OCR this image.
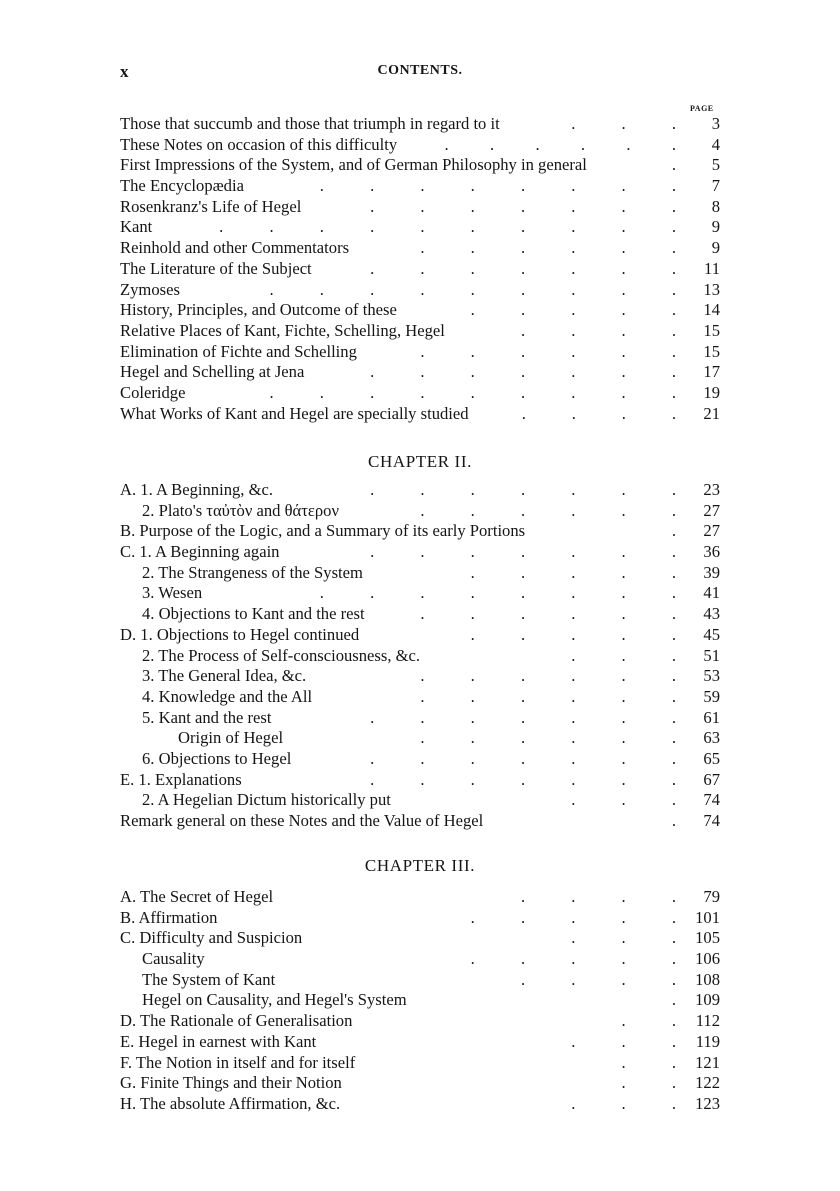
x	CONTENTS.
PAGE
Those that succumb and those that triumph in regard to it	. . . 3
These Notes on occasion of this difficulty	. . . . . . 4
First Impressions of the System, and of German Philosophy in general	. 5
The Encyclopædia	. . . . . . . . 7
Rosenkranz's Life of Hegel	. . . . . . . 8
Kant	. . . . . . . . . . 9
Reinhold and other Commentators	. . . . . . 9
The Literature of the Subject	. . . . . . . 11
Zymoses	. . . . . . . . . 13
History, Principles, and Outcome of these	. . . . . 14
Relative Places of Kant, Fichte, Schelling, Hegel	. . . . 15
Elimination of Fichte and Schelling	. . . . . . 15
Hegel and Schelling at Jena	. . . . . . . 17
Coleridge	. . . . . . . . . 19
What Works of Kant and Hegel are specially studied	. . . . 21
CHAPTER II.
A. 1. A Beginning, &c.	. . . . . . . 23
2. Plato's ταὐτὸν and θάτερον	. . . . . . 27
B. Purpose of the Logic, and a Summary of its early Portions	. 27
C. 1. A Beginning again	. . . . . . . 36
2. The Strangeness of the System	. . . . . 39
3. Wesen	. . . . . . . . 41
4. Objections to Kant and the rest	. . . . . . 43
D. 1. Objections to Hegel continued	. . . . . 45
2. The Process of Self-consciousness, &c.	. . . 51
3. The General Idea, &c.	. . . . . . 53
4. Knowledge and the All	. . . . . . 59
5. Kant and the rest	. . . . . . . 61
Origin of Hegel	. . . . . . 63
6. Objections to Hegel	. . . . . . . 65
E. 1. Explanations	. . . . . . . 67
2. A Hegelian Dictum historically put	. . . 74
Remark general on these Notes and the Value of Hegel	. 74
CHAPTER III.
A. The Secret of Hegel	. . . . 79
B. Affirmation	. . . . . 101
C. Difficulty and Suspicion	. . . 105
Causality	. . . . . 106
The System of Kant	. . . . 108
Hegel on Causality, and Hegel's System	. 109
D. The Rationale of Generalisation	. . 112
E. Hegel in earnest with Kant	. . . 119
F. The Notion in itself and for itself	. . 121
G. Finite Things and their Notion	. . 122
H. The absolute Affirmation, &c.	. . . 123
